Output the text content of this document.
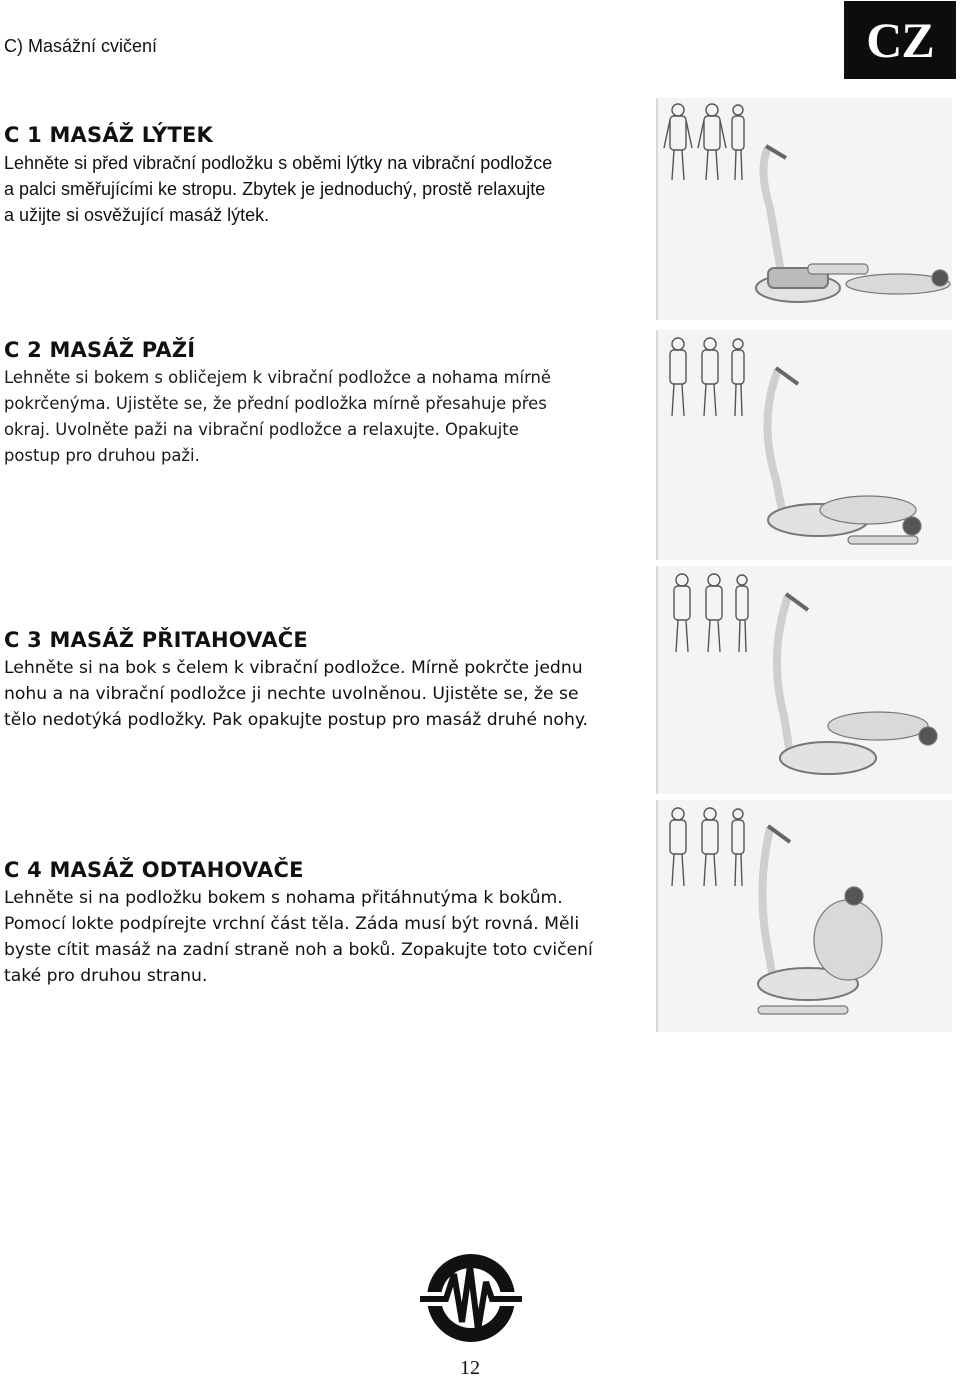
C) Masážní cvičení	CZ
C 1 MASÁŽ LÝTEK

Lehněte si před vibrační podložku s oběmi lýtky na vibrační podložce

a palci směřujícími ke stropu. Zbytek je jednoduchý, prostě relaxujte

a užijte si osvěžující masáž lýtek.

C 2 MASÁŽ PAŽÍ

Lehněte si bokem s obličejem k vibrační podložce a nohama mírně

pokrčenýma. Ujistěte se, že přední podložka mírně přesahuje přes

okraj. Uvolněte paži na vibrační podložce a relaxujte. Opakujte

postup pro druhou paži.

C 3 MASÁŽ PŘITAHOVAČE

Lehněte si na bok s čelem k vibrační podložce. Mírně pokrčte jednu

nohu a na vibrační podložce ji nechte uvolněnou. Ujistěte se, že se

tělo nedotýká podložky. Pak opakujte postup pro masáž druhé nohy.

C 4 MASÁŽ ODTAHOVAČE

Lehněte si na podložku bokem s nohama přitáhnutýma k bokům.

Pomocí lokte podpírejte vrchní část těla. Záda musí být rovná. Měli

byste cítit masáž na zadní straně noh a boků. Zopakujte toto cvičení

také pro druhou stranu.

12
